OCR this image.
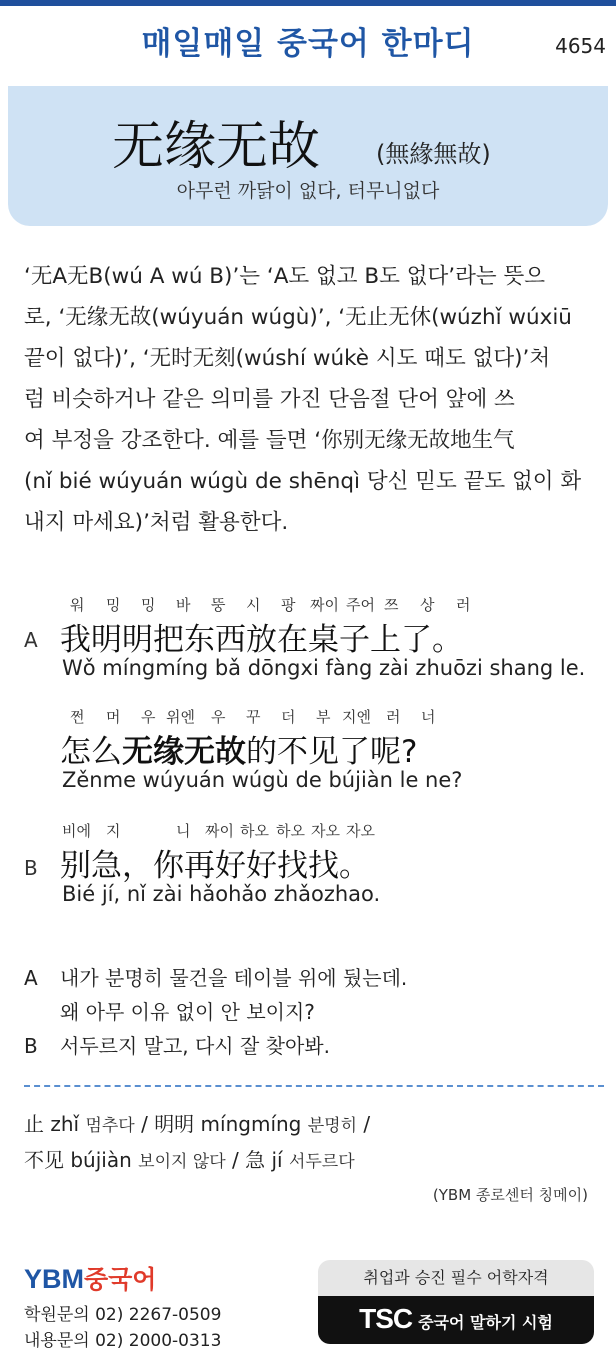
매일매일 중국어 한마디	4654
无缘无故 (無緣無故)
아무런 까닭이 없다, 터무니없다

‘无A无B(wú A wú B)’는 ‘A도 없고 B도 없다’라는 뜻으

로, ‘无缘无故(wúyuán wúgù)’, ‘无止无休(wúzhǐ wúxiū

끝이 없다)’, ‘无时无刻(wúshí wúkè 시도 때도 없다)’처

럼 비슷하거나 같은 의미를 가진 단음절 단어 앞에 쓰

여 부정을 강조한다. 예를 들면 ‘你别无缘无故地生气

(nǐ bié wúyuán wúgù de shēnqì 당신 믿도 끝도 없이 화

내지 마세요)’처럼 활용한다.

워 밍 밍 바 뚱 시 팡 짜이 주어 쯔 상 러
A 我明明把东西放在桌子上了。
Wǒ míngmíng bǎ dōngxi fàng zài zhuōzi shang le.
쩐 머 우 위엔 우 꾸 더 부 지엔 러 너
怎么无缘无故的不见了呢?
Zěnme wúyuán wúgù de bújiàn le ne?
비에 지	니 짜이 하오 하오 자오 자오
B 别急，你再好好找找。
Bié jí, nǐ zài hǎohǎo zhǎozhao.
A 내가 분명히 물건을 테이블 위에 뒀는데.
왜 아무 이유 없이 안 보이지?
B 서두르지 말고, 다시 잘 찾아봐.
止 zhǐ 멈추다 / 明明 míngmíng 분명히 /
不见 bújiàn 보이지 않다 / 急 jí 서두르다
(YBM 종로센터 칭메이)
YBM중국어
학원문의 02) 2267-0509
내용문의 02) 2000-0313
취업과 승진 필수 어학자격
TSC 중국어 말하기 시험
